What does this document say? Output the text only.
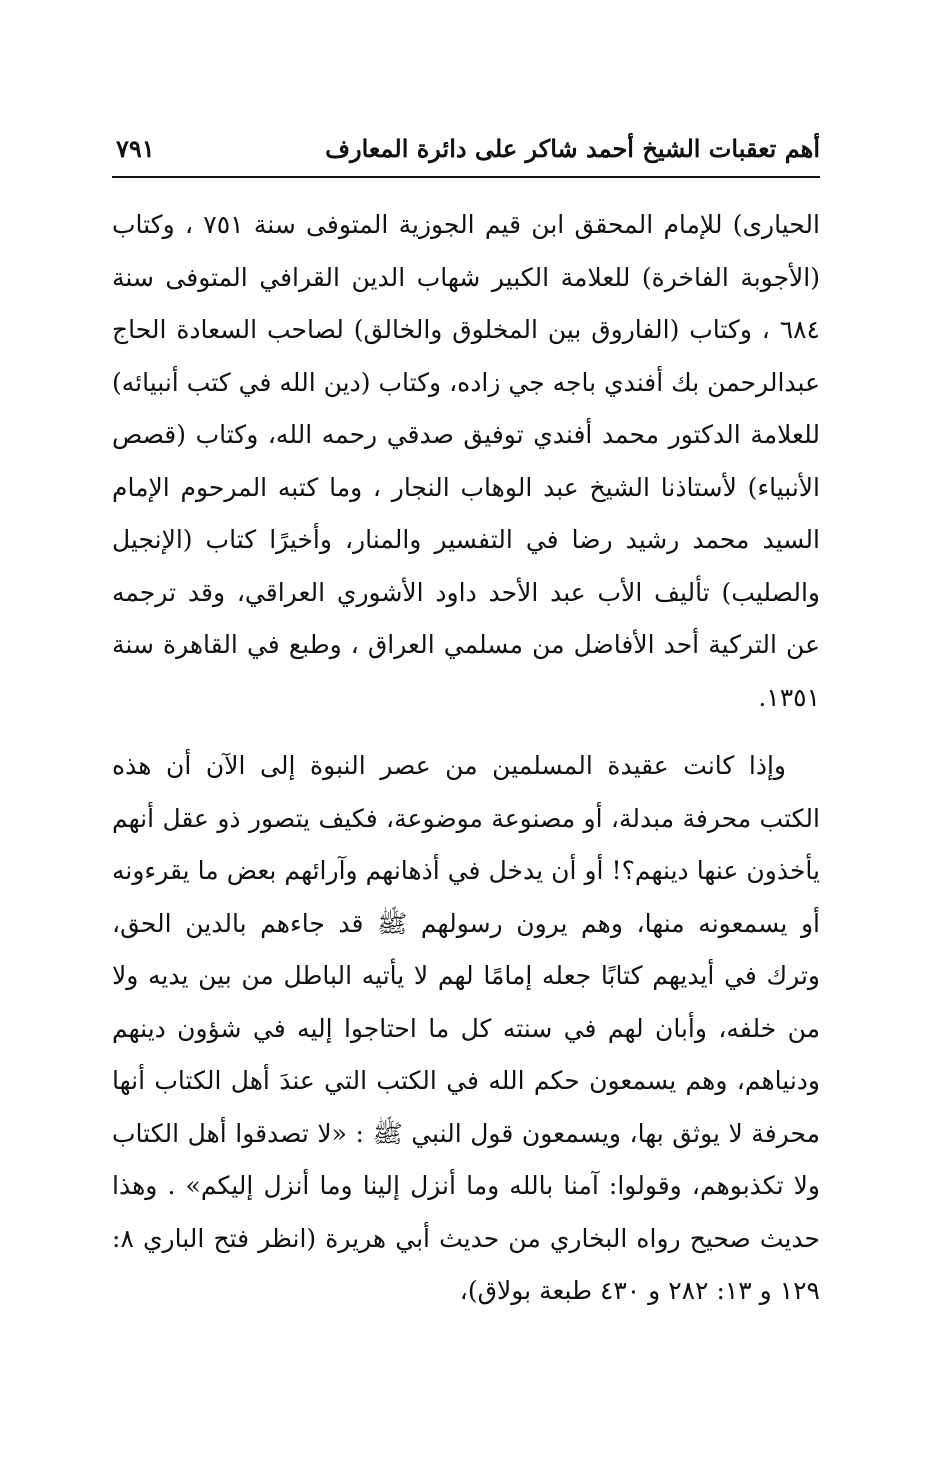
أهم تعقبات الشيخ أحمد شاكر على دائرة المعارف
٧٩١

الحيارى) للإمام المحقق ابن قيم الجوزية المتوفى سنة ٧٥١ ، وكتاب (الأجوبة الفاخرة) للعلامة الكبير شهاب الدين القرافي المتوفى سنة ٦٨٤ ، وكتاب (الفاروق بين المخلوق والخالق) لصاحب السعادة الحاج عبدالرحمن بك أفندي باجه جي زاده، وكتاب (دين الله في كتب أنبيائه) للعلامة الدكتور محمد أفندي توفيق صدقي رحمه الله، وكتاب (قصص الأنبياء) لأستاذنا الشيخ عبد الوهاب النجار ، وما كتبه المرحوم الإمام السيد محمد رشيد رضا في التفسير والمنار، وأخيرًا كتاب (الإنجيل والصليب) تأليف الأب عبد الأحد داود الأشوري العراقي، وقد ترجمه عن التركية أحد الأفاضل من مسلمي العراق ، وطبع في القاهرة سنة ١٣٥١.

وإذا كانت عقيدة المسلمين من عصر النبوة إلى الآن أن هذه الكتب محرفة مبدلة، أو مصنوعة موضوعة، فكيف يتصور ذو عقل أنهم يأخذون عنها دينهم؟! أو أن يدخل في أذهانهم وآرائهم بعض ما يقرءونه أو يسمعونه منها، وهم يرون رسولهم ﷺ قد جاءهم بالدين الحق، وترك في أيديهم كتابًا جعله إمامًا لهم لا يأتيه الباطل من بين يديه ولا من خلفه، وأبان لهم في سنته كل ما احتاجوا إليه في شؤون دينهم ودنياهم، وهم يسمعون حكم الله في الكتب التي عندَ أهل الكتاب أنها محرفة لا يوثق بها، ويسمعون قول النبي ﷺ : «لا تصدقوا أهل الكتاب ولا تكذبوهم، وقولوا: آمنا بالله وما أنزل إلينا وما أنزل إليكم» . وهذا حديث صحيح رواه البخاري من حديث أبي هريرة (انظر فتح الباري ٨: ١٢٩ و ١٣: ٢٨٢ و ٤٣٠ طبعة بولاق)،
